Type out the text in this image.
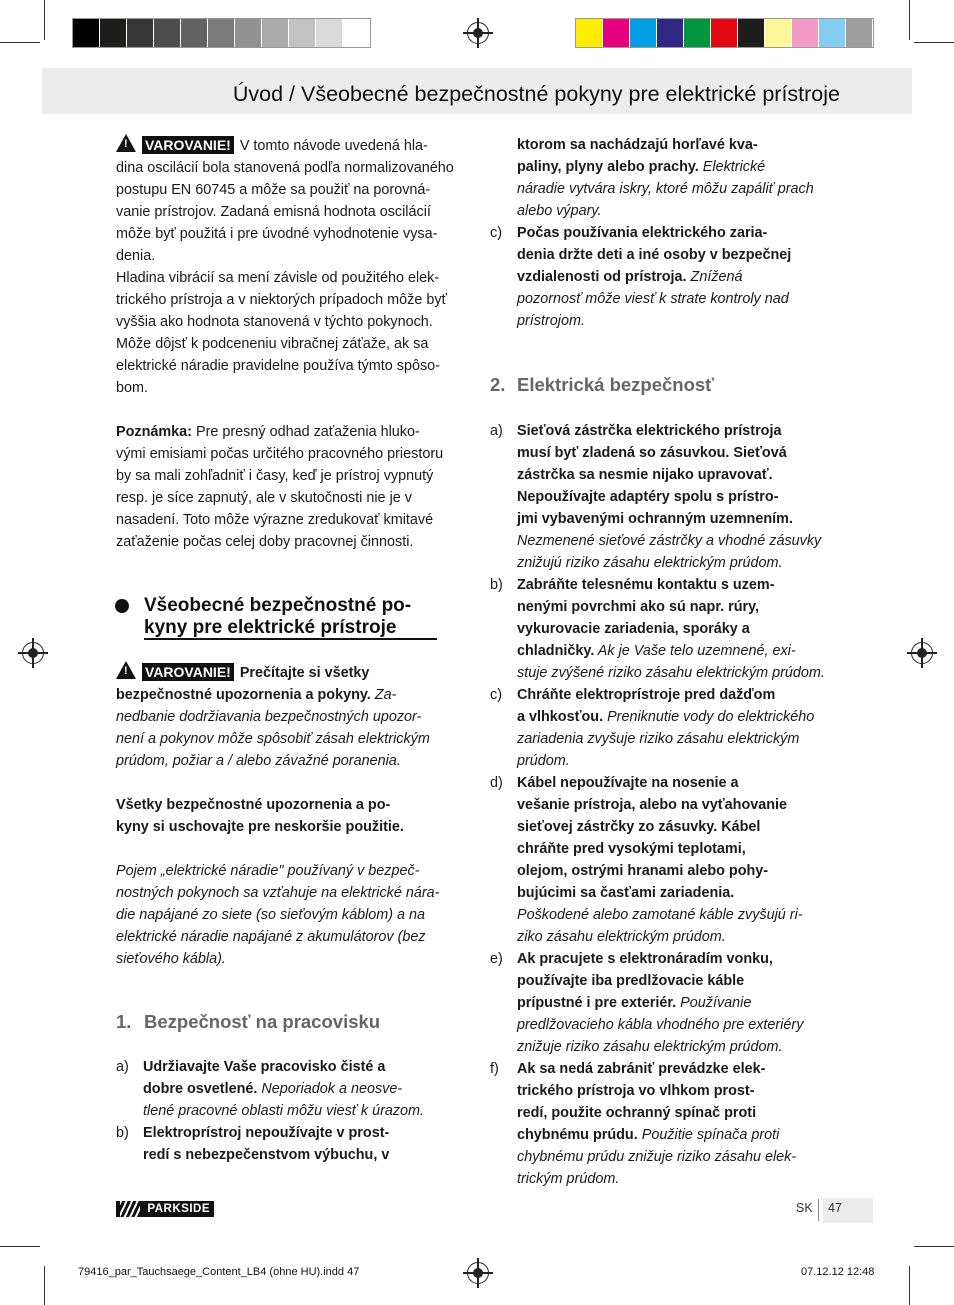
Úvod / Všeobecné bezpečnostné pokyny pre elektrické prístroje

!VAROVANIE! V tomto návode uvedená hla-
dina oscilácií bola stanovená podľa normalizovaného
postupu EN 60745 a môže sa použiť na porovná-
vanie prístrojov. Zadaná emisná hodnota oscilácií
môže byť použitá i pre úvodné vyhodnotenie vysa-
denia.

Hladina vibrácií sa mení závisle od použitého elek-
trického prístroja a v niektorých prípadoch môže byť
vyššia ako hodnota stanovená v týchto pokynoch.
Môže dôjsť k podceneniu vibračnej záťaže, ak sa
elektrické náradie pravidelne používa týmto spôso-
bom.

Poznámka: Pre presný odhad zaťaženia hluko-
vými emisiami počas určitého pracovného priestoru
by sa mali zohľadniť i časy, keď je prístroj vypnutý
resp. je síce zapnutý, ale v skutočnosti nie je v
nasadení. Toto môže výrazne zredukovať kmitavé
zaťaženie počas celej doby pracovnej činnosti.

Všeobecné bezpečnostné po-
kyny pre elektrické prístroje

!VAROVANIE! Prečítajte si všetky
bezpečnostné upozornenia a pokyny. Za-
nedbanie dodržiavania bezpečnostných upozor-
není a pokynov môže spôsobiť zásah elektrickým
prúdom, požiar a / alebo závažné poranenia.

Všetky bezpečnostné upozornenia a po-
kyny si uschovajte pre neskoršie použitie.

Pojem „elektrické náradie" používaný v bezpeč-
nostných pokynoch sa vzťahuje na elektrické nára-
die napájané zo siete (so sieťovým káblom) a na
elektrické náradie napájané z akumulátorov (bez
sieťového kábla).

1. Bezpečnosť na pracovisku
a) Udržiavajte Vaše pracovisko čisté a
dobre osvetlené. Neporiadok a neosve-
tlené pracovné oblasti môžu viesť k úrazom.
b) Elektroprístroj nepoužívajte v prost-
redí s nebezpečenstvom výbuchu, v
ktorom sa nachádzajú horľavé kva-
paliny, plyny alebo prachy. Elektrické
náradie vytvára iskry, ktoré môžu zapáliť prach
alebo výpary.
c) Počas používania elektrického zaria-
denia držte deti a iné osoby v bezpečnej
vzdialenosti od prístroja. Znížená
pozornosť môže viesť k strate kontroly nad
prístrojom.
2. Elektrická bezpečnosť
a) Sieťová zástrčka elektrického prístroja
musí byť zladená so zásuvkou. Sieťová
zástrčka sa nesmie nijako upravovať.
Nepoužívajte adaptéry spolu s prístro-
jmi vybavenými ochranným uzemnením.
Nezmenené sieťové zástrčky a vhodné zásuvky
znižujú riziko zásahu elektrickým prúdom.
b) Zabráňte telesnému kontaktu s uzem-
nenými povrchmi ako sú napr. rúry,
vykurovacie zariadenia, sporáky a
chladničky. Ak je Vaše telo uzemnené, exi-
stuje zvýšené riziko zásahu elektrickým prúdom.
c) Chráňte elektroprístroje pred dažďom
a vlhkosťou. Preniknutie vody do elektrického
zariadenia zvyšuje riziko zásahu elektrickým
prúdom.
d) Kábel nepoužívajte na nosenie a
vešanie prístroja, alebo na vyťahovanie
sieťovej zástrčky zo zásuvky. Kábel
chráňte pred vysokými teplotami,
olejom, ostrými hranami alebo pohy-
bujúcimi sa časťami zariadenia.
Poškodené alebo zamotané káble zvyšujú ri-
ziko zásahu elektrickým prúdom.
e) Ak pracujete s elektronáradím vonku,
používajte iba predlžovacie káble
prípustné i pre exteriér. Používanie
predlžovacieho kábla vhodného pre exteriéry
znižuje riziko zásahu elektrickým prúdom.
f) Ak sa nedá zabrániť prevádzke elek-
trického prístroja vo vlhkom prost-
redí, použite ochranný spínač proti
chybnému prúdu. Použitie spínača proti
chybnému prúdu znižuje riziko zásahu elek-
trickým prúdom.
PARKSIDE	SK 47
79416_par_Tauchsaege_Content_LB4 (ohne HU).indd 47	07.12.12 12:48
